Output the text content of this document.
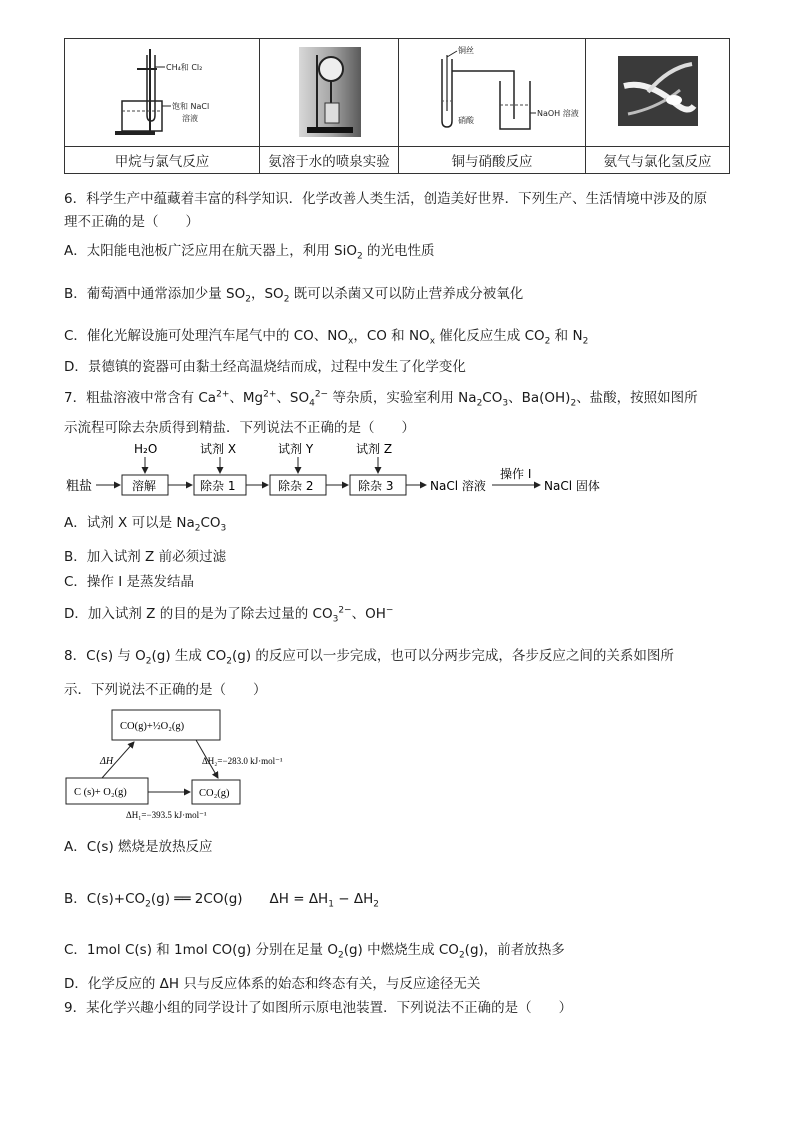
CH₄和 Cl₂
饱和 NaCl
溶液		铜丝
硝酸
NaOH 溶液

甲烷与氯气反应	氨溶于水的喷泉实验	铜与硝酸反应	氨气与氯化氢反应
6．科学生产中蕴藏着丰富的科学知识．化学改善人类生活，创造美好世界．下列生产、生活情境中涉及的原
理不正确的是（　　）
A．太阳能电池板广泛应用在航天器上，利用 SiO$_2$ 的光电性质
B．葡萄酒中通常添加少量 $SO_2$，$SO_2$ 既可以杀菌又可以防止营养成分被氧化
C．催化光解设施可处理汽车尾气中的 CO、$NO_x$，CO 和 $NO_x$ 催化反应生成 $CO_2$ 和 $N_2$
D．景德镇的瓷器可由黏土经高温烧结而成，过程中发生了化学变化
7．粗盐溶液中常含有 $Ca^{2+}$、$Mg^{2+}$、$SO_4^{2-}$ 等杂质，实验室利用 $Na_2CO_3$、$Ba(OH)_2$、盐酸，按照如图所
示流程可除去杂质得到精盐．下列说法不正确的是（　　）
粗盐	溶解
H₂O
除杂 1
试剂 X
除杂 2
试剂 Y
除杂 3
试剂 Z
NaCl 溶液
操作 I
NaCl 固体
A．试剂 X 可以是 $Na_2CO_3$
B．加入试剂 Z 前必须过滤
C．操作 I 是蒸发结晶
D．加入试剂 Z 的目的是为了除去过量的 $CO_3^{2-}$、OH−
8．C(s) 与 $O_2(g)$ 生成 $CO_2(g)$ 的反应可以一步完成，也可以分两步完成，各步反应之间的关系如图所
示．下列说法不正确的是（　　）
CO(g)+½O₂(g)
C (s)+ O₂(g)	CO₂(g)
ΔH	ΔH₂=−283.0 kJ·mol⁻¹
ΔH₁=−393.5 kJ·mol⁻¹
A．C(s) 燃烧是放热反应
B．$C(s)+CO_2(g)$ ══ 2CO(g)　　$\Delta H = \Delta H_1 - \Delta H_2$
C．1mol C(s) 和 1mol CO(g) 分别在足量 $O_2(g)$ 中燃烧生成 $CO_2(g)$，前者放热多
D．化学反应的 ΔH 只与反应体系的始态和终态有关，与反应途径无关
9．某化学兴趣小组的同学设计了如图所示原电池装置．下列说法不正确的是（　　）
